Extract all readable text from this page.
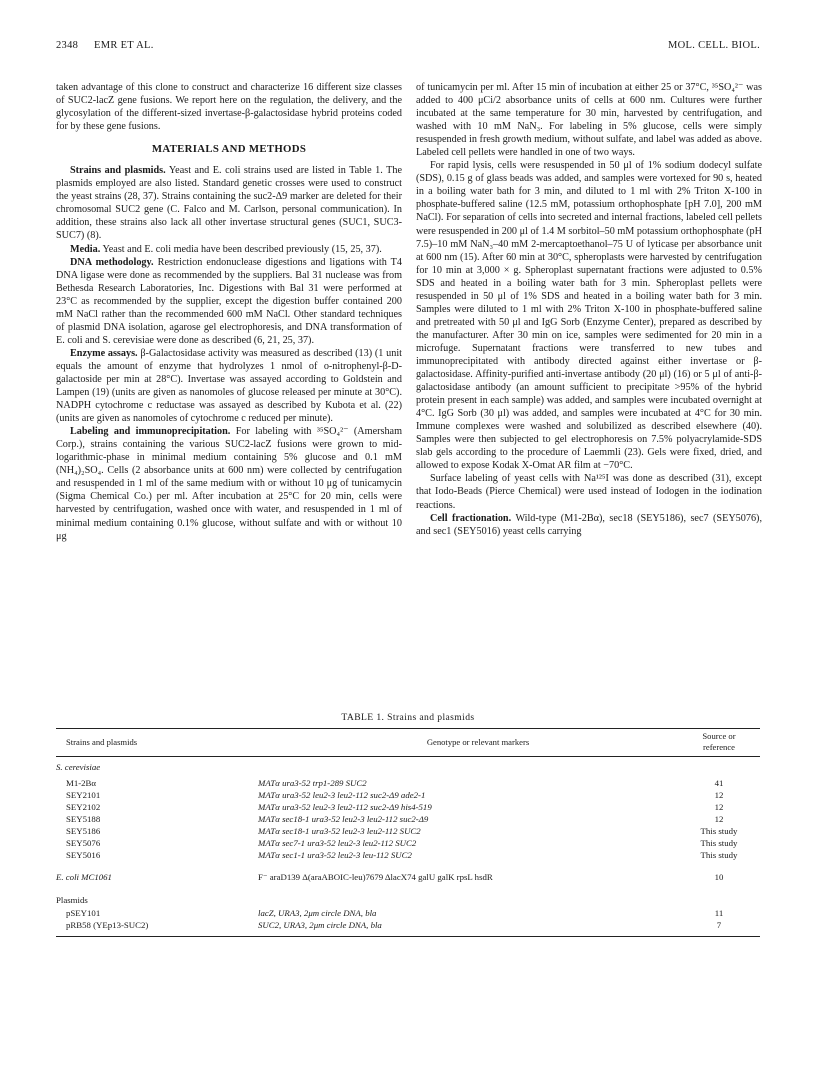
2348 EMR ET AL.	MOL. CELL. BIOL.

taken advantage of this clone to construct and characterize 16 different size classes of SUC2-lacZ gene fusions. We report here on the regulation, the delivery, and the glycosylation of the different-sized invertase-β-galactosidase hybrid proteins coded for by these gene fusions.

MATERIALS AND METHODS

Strains and plasmids. Yeast and E. coli strains used are listed in Table 1. The plasmids employed are also listed. Standard genetic crosses were used to construct the yeast strains (28, 37). Strains containing the suc2-Δ9 marker are deleted for their chromosomal SUC2 gene (C. Falco and M. Carlson, personal communication). In addition, these strains also lack all other invertase structural genes (SUC1, SUC3-SUC7) (8).

Media. Yeast and E. coli media have been described previously (15, 25, 37).

DNA methodology. Restriction endonuclease digestions and ligations with T4 DNA ligase were done as recommended by the suppliers. Bal 31 nuclease was from Bethesda Research Laboratories, Inc. Digestions with Bal 31 were performed at 23°C as recommended by the supplier, except the digestion buffer contained 200 mM NaCl rather than the recommended 600 mM NaCl. Other standard techniques of plasmid DNA isolation, agarose gel electrophoresis, and DNA transformation of E. coli and S. cerevisiae were done as described (6, 21, 25, 37).

Enzyme assays. β-Galactosidase activity was measured as described (13) (1 unit equals the amount of enzyme that hydrolyzes 1 nmol of o-nitrophenyl-β-D-galactoside per min at 28°C). Invertase was assayed according to Goldstein and Lampen (19) (units are given as nanomoles of glucose released per minute at 30°C). NADPH cytochrome c reductase was assayed as described by Kubota et al. (22) (units are given as nanomoles of cytochrome c reduced per minute).

Labeling and immunoprecipitation. For labeling with ³⁵SO₄²⁻ (Amersham Corp.), strains containing the various SUC2-lacZ fusions were grown to mid-logarithmic-phase in minimal medium containing 5% glucose and 0.1 mM (NH₄)₂SO₄. Cells (2 absorbance units at 600 nm) were collected by centrifugation and resuspended in 1 ml of the same medium with or without 10 μg of tunicamycin (Sigma Chemical Co.) per ml. After incubation at 25°C for 20 min, cells were harvested by centrifugation, washed once with water, and resuspended in 1 ml of minimal medium containing 0.1% glucose, without sulfate and with or without 10 μg

of tunicamycin per ml. After 15 min of incubation at either 25 or 37°C, ³⁵SO₄²⁻ was added to 400 μCi/2 absorbance units of cells at 600 nm. Cultures were further incubated at the same temperature for 30 min, harvested by centrifugation, and washed with 10 mM NaN₃. For labeling in 5% glucose, cells were simply resuspended in fresh growth medium, without sulfate, and label was added as above. Labeled cell pellets were handled in one of two ways.

For rapid lysis, cells were resuspended in 50 μl of 1% sodium dodecyl sulfate (SDS), 0.15 g of glass beads was added, and samples were vortexed for 90 s, heated in a boiling water bath for 3 min, and diluted to 1 ml with 2% Triton X-100 in phosphate-buffered saline (12.5 mM, potassium orthophosphate [pH 7.0], 200 mM NaCl). For separation of cells into secreted and internal fractions, labeled cell pellets were resuspended in 200 μl of 1.4 M sorbitol–50 mM potassium orthophosphate (pH 7.5)–10 mM NaN₃–40 mM 2-mercaptoethanol–75 U of lyticase per absorbance unit at 600 nm (15). After 60 min at 30°C, spheroplasts were harvested by centrifugation for 10 min at 3,000 × g. Spheroplast supernatant fractions were adjusted to 0.5% SDS and heated in a boiling water bath for 3 min. Spheroplast pellets were resuspended in 50 μl of 1% SDS and heated in a boiling water bath for 3 min. Samples were diluted to 1 ml with 2% Triton X-100 in phosphate-buffered saline and pretreated with 50 μl and IgG Sorb (Enzyme Center), prepared as described by the manufacturer. After 30 min on ice, samples were sedimented for 20 min in a microfuge. Supernatant fractions were transferred to new tubes and immunoprecipitated with antibody directed against either invertase or β-galactosidase. Affinity-purified anti-invertase antibody (20 μl) (16) or 5 μl of anti-β-galactosidase antibody (an amount sufficient to precipitate >95% of the hybrid protein present in each sample) was added, and samples were incubated overnight at 4°C. IgG Sorb (30 μl) was added, and samples were incubated at 4°C for 30 min. Immune complexes were washed and solubilized as described elsewhere (40). Samples were then subjected to gel electrophoresis on 7.5% polyacrylamide-SDS slab gels according to the procedure of Laemmli (23). Gels were fixed, dried, and allowed to expose Kodak X-Omat AR film at −70°C.

Surface labeling of yeast cells with Na¹²⁵I was done as described (31), except that Iodo-Beads (Pierce Chemical) were used instead of Iodogen in the iodination reactions.

Cell fractionation. Wild-type (M1-2Bα), sec18 (SEY5186), sec7 (SEY5076), and sec1 (SEY5016) yeast cells carrying

TABLE 1. Strains and plasmids
Strains and plasmids	Genotype or relevant markers
Source or
reference
S. cerevisiae
M1-2Bα	MATα ura3-52 trp1-289 SUC2	41
SEY2101	MATα ura3-52 leu2-3 leu2-112 suc2-Δ9 ade2-1	12
SEY2102	MATα ura3-52 leu2-3 leu2-112 suc2-Δ9 his4-519	12
SEY5188	MATα sec18-1 ura3-52 leu2-3 leu2-112 suc2-Δ9	12
SEY5186	MATα sec18-1 ura3-52 leu2-3 leu2-112 SUC2	This study
SEY5076	MATα sec7-1 ura3-52 leu2-3 leu2-112 SUC2	This study
SEY5016	MATα sec1-1 ura3-52 leu2-3 leu-112 SUC2	This study
E. coli MC1061	F⁻ araD139 Δ(araABOIC-leu)7679 ΔlacX74 galU galK rpsL hsdR	10
Plasmids
pSEY101	lacZ, URA3, 2μm circle DNA, bla	11
pRB58 (YEp13-SUC2)	SUC2, URA3, 2μm circle DNA, bla	7
